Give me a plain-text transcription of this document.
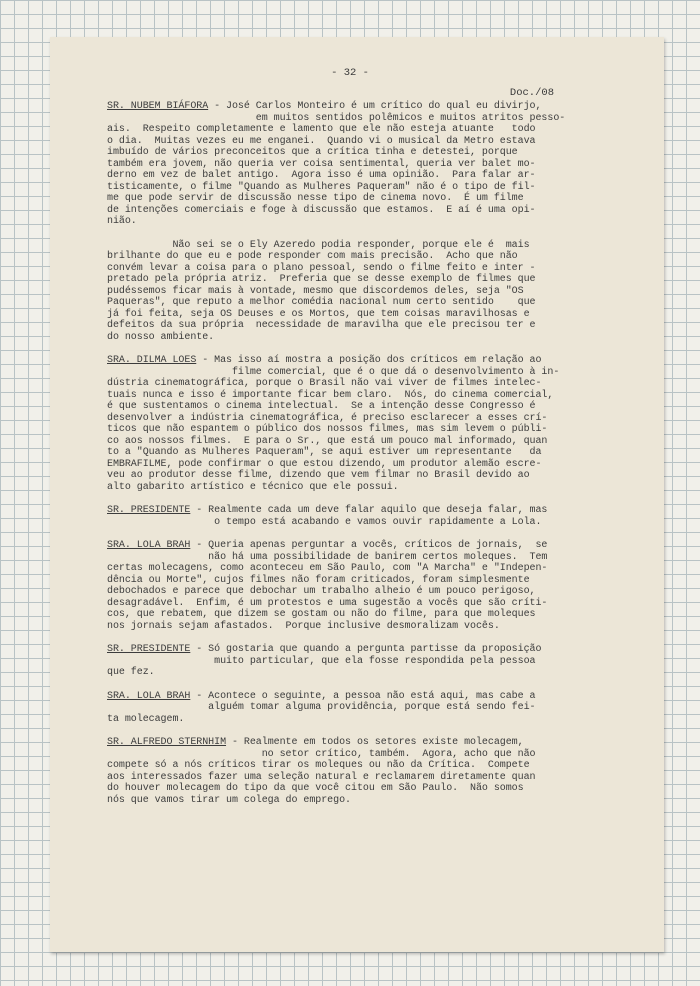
- 32 -
Doc./08
SR. NUBEM BIÁFORA - José Carlos Monteiro é um crítico do qual eu divirjo,
em muitos sentidos polêmicos e muitos atritos pesso-
ais.  Respeito completamente e lamento que ele não esteja atuante   todo
o dia.  Muitas vezes eu me enganei.  Quando vi o musical da Metro estava
imbuído de vários preconceitos que a crítica tinha e detestei, porque
também era jovem, não queria ver coisa sentimental, queria ver balet mo-
derno em vez de balet antigo.  Agora isso é uma opinião.  Para falar ar-
tisticamente, o filme "Quando as Mulheres Paqueram" não é o tipo de fil-
me que pode servir de discussão nesse tipo de cinema novo.  É um filme
de intenções comerciais e foge à discussão que estamos.  E aí é uma opi-
nião.
Não sei se o Ely Azeredo podia responder, porque ele é  mais
brilhante do que eu e pode responder com mais precisão.  Acho que não
convém levar a coisa para o plano pessoal, sendo o filme feito e inter -
pretado pela própria atriz.  Preferia que se desse exemplo de filmes que
pudéssemos ficar mais à vontade, mesmo que discordemos deles, seja "OS
Paqueras", que reputo a melhor comédia nacional num certo sentido    que
já foi feita, seja OS Deuses e os Mortos, que tem coisas maravilhosas e
defeitos da sua própria  necessidade de maravilha que ele precisou ter e
do nosso ambiente.
SRA. DILMA LOES - Mas isso aí mostra a posição dos críticos em relação ao
filme comercial, que é o que dá o desenvolvimento à in-
dústria cinematográfica, porque o Brasil não vai viver de filmes intelec-
tuais nunca e isso é importante ficar bem claro.  Nós, do cinema comercial,
é que sustentamos o cinema intelectual.  Se a intenção desse Congresso é
desenvolver a indústria cinematográfica, é preciso esclarecer a esses crí-
ticos que não espantem o público dos nossos filmes, mas sim levem o públi-
co aos nossos filmes.  E para o Sr., que está um pouco mal informado, quan
to a "Quando as Mulheres Paqueram", se aqui estiver um representante   da
EMBRAFILME, pode confirmar o que estou dizendo, um produtor alemão escre-
veu ao produtor desse filme, dizendo que vem filmar no Brasil devido ao
alto gabarito artístico e técnico que ele possui.
SR. PRESIDENTE - Realmente cada um deve falar aquilo que deseja falar, mas
o tempo está acabando e vamos ouvir rapidamente a Lola.
SRA. LOLA BRAH - Queria apenas perguntar a vocês, críticos de jornais,  se
não há uma possibilidade de banirem certos moleques.  Tem
certas molecagens, como aconteceu em São Paulo, com "A Marcha" e "Indepen-
dência ou Morte", cujos filmes não foram criticados, foram simplesmente
debochados e parece que debochar um trabalho alheio é um pouco perigoso,
desagradável.  Enfim, é um protestos e uma sugestão a vocês que são críti-
cos, que rebatem, que dizem se gostam ou não do filme, para que moleques
nos jornais sejam afastados.  Porque inclusive desmoralizam vocês.
SR. PRESIDENTE - Só gostaria que quando a pergunta partisse da proposição
muito particular, que ela fosse respondida pela pessoa
que fez.
SRA. LOLA BRAH - Acontece o seguinte, a pessoa não está aqui, mas cabe a
alguém tomar alguma providência, porque está sendo fei-
ta molecagem.
SR. ALFREDO STERNHIM - Realmente em todos os setores existe molecagem,
no setor crítico, também.  Agora, acho que não
compete só a nós críticos tirar os moleques ou não da Crítica.  Compete
aos interessados fazer uma seleção natural e reclamarem diretamente quan
do houver molecagem do tipo da que você citou em São Paulo.  Não somos
nós que vamos tirar um colega do emprego.
